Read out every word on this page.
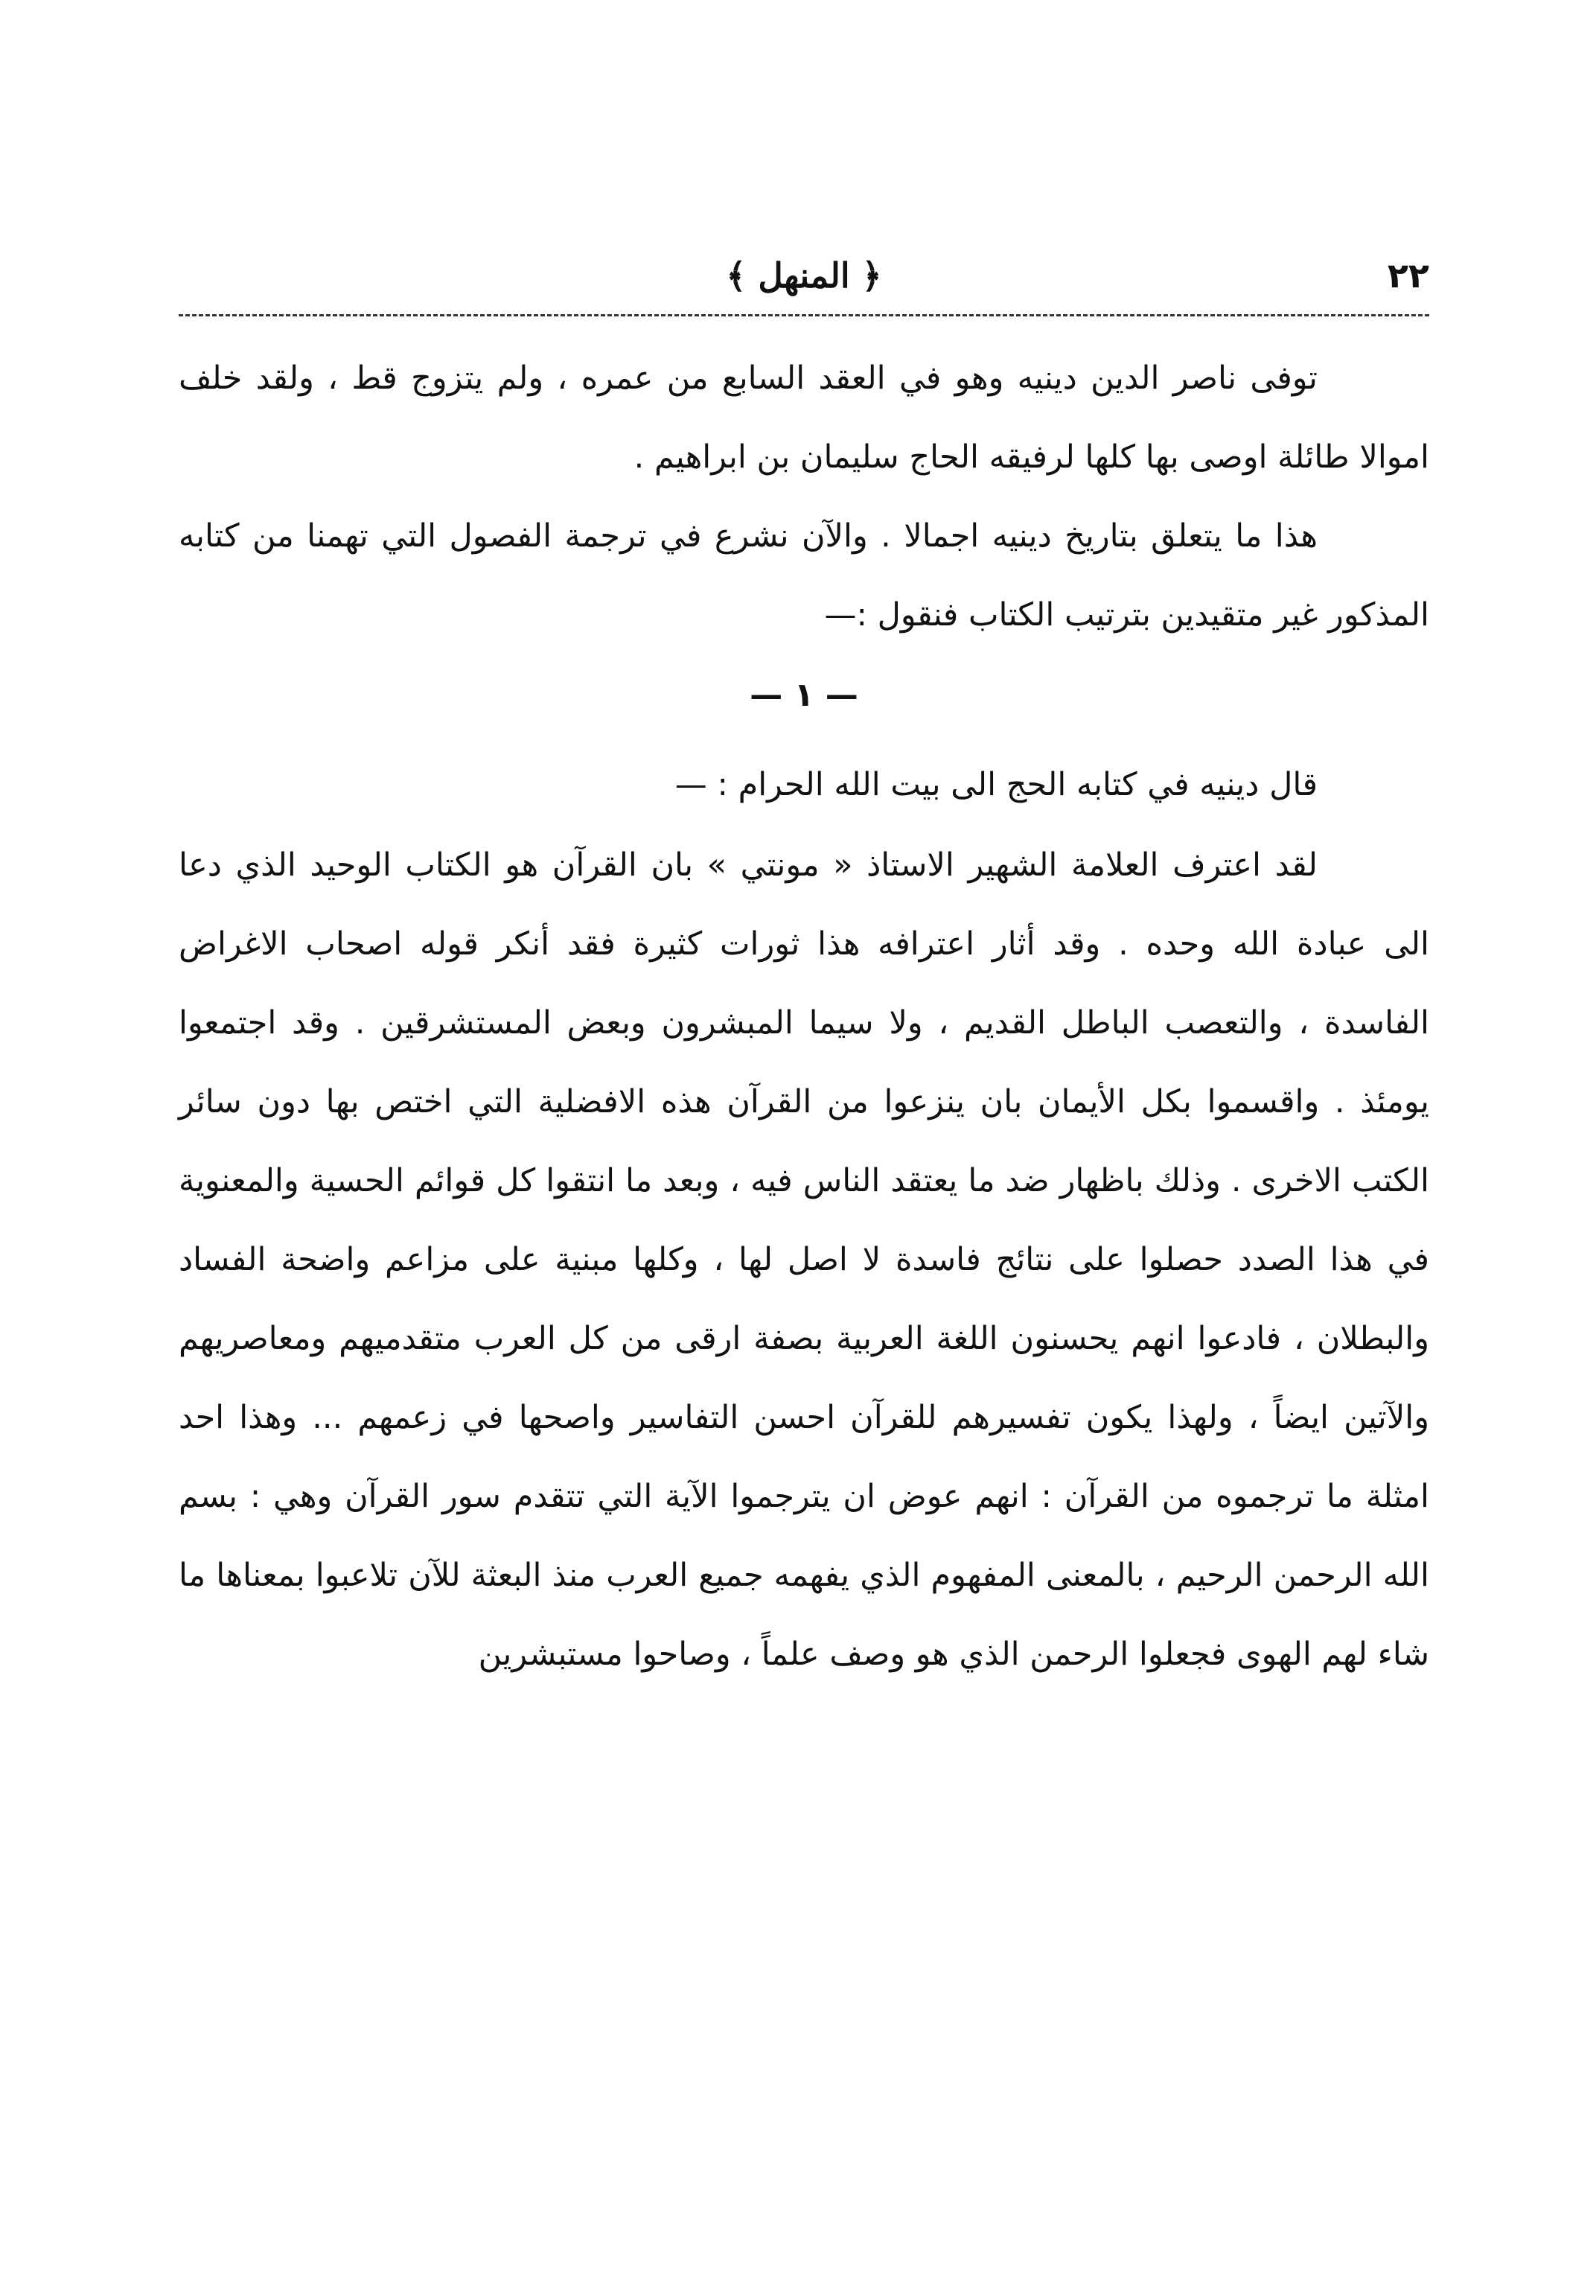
٢٢
﴿ المنهل ﴾

توفى ناصر الدين دينيه وهو في العقد السابع من عمره ، ولم يتزوج قط ، ولقد خلف اموالا طائلة اوصى بها كلها لرفيقه الحاج سليمان بن ابراهيم .

هذا ما يتعلق بتاريخ دينيه اجمالا . والآن نشرع في ترجمة الفصول التي تهمنا من كتابه المذكور غير متقيدين بترتيب الكتاب فنقول :—

— ١ —

قال دينيه في كتابه الحج الى بيت الله الحرام : —

لقد اعترف العلامة الشهير الاستاذ « مونتي » بان القرآن هو الكتاب الوحيد الذي دعا الى عبادة الله وحده . وقد أثار اعترافه هذا ثورات كثيرة فقد أنكر قوله اصحاب الاغراض الفاسدة ، والتعصب الباطل القديم ، ولا سيما المبشرون وبعض المستشرقين . وقد اجتمعوا يومئذ . واقسموا بكل الأيمان بان ينزعوا من القرآن هذه الافضلية التي اختص بها دون سائر الكتب الاخرى . وذلك باظهار ضد ما يعتقد الناس فيه ، وبعد ما انتقوا كل قوائم الحسية والمعنوية في هذا الصدد حصلوا على نتائج فاسدة لا اصل لها ، وكلها مبنية على مزاعم واضحة الفساد والبطلان ، فادعوا انهم يحسنون اللغة العربية بصفة ارقى من كل العرب متقدميهم ومعاصريهم والآتين ايضاً ، ولهذا يكون تفسيرهم للقرآن احسن التفاسير واصحها في زعمهم ... وهذا احد امثلة ما ترجموه من القرآن : انهم عوض ان يترجموا الآية التي تتقدم سور القرآن وهي : بسم الله الرحمن الرحيم ، بالمعنى المفهوم الذي يفهمه جميع العرب منذ البعثة للآن تلاعبوا بمعناها ما شاء لهم الهوى فجعلوا الرحمن الذي هو وصف علماً ، وصاحوا مستبشرين
